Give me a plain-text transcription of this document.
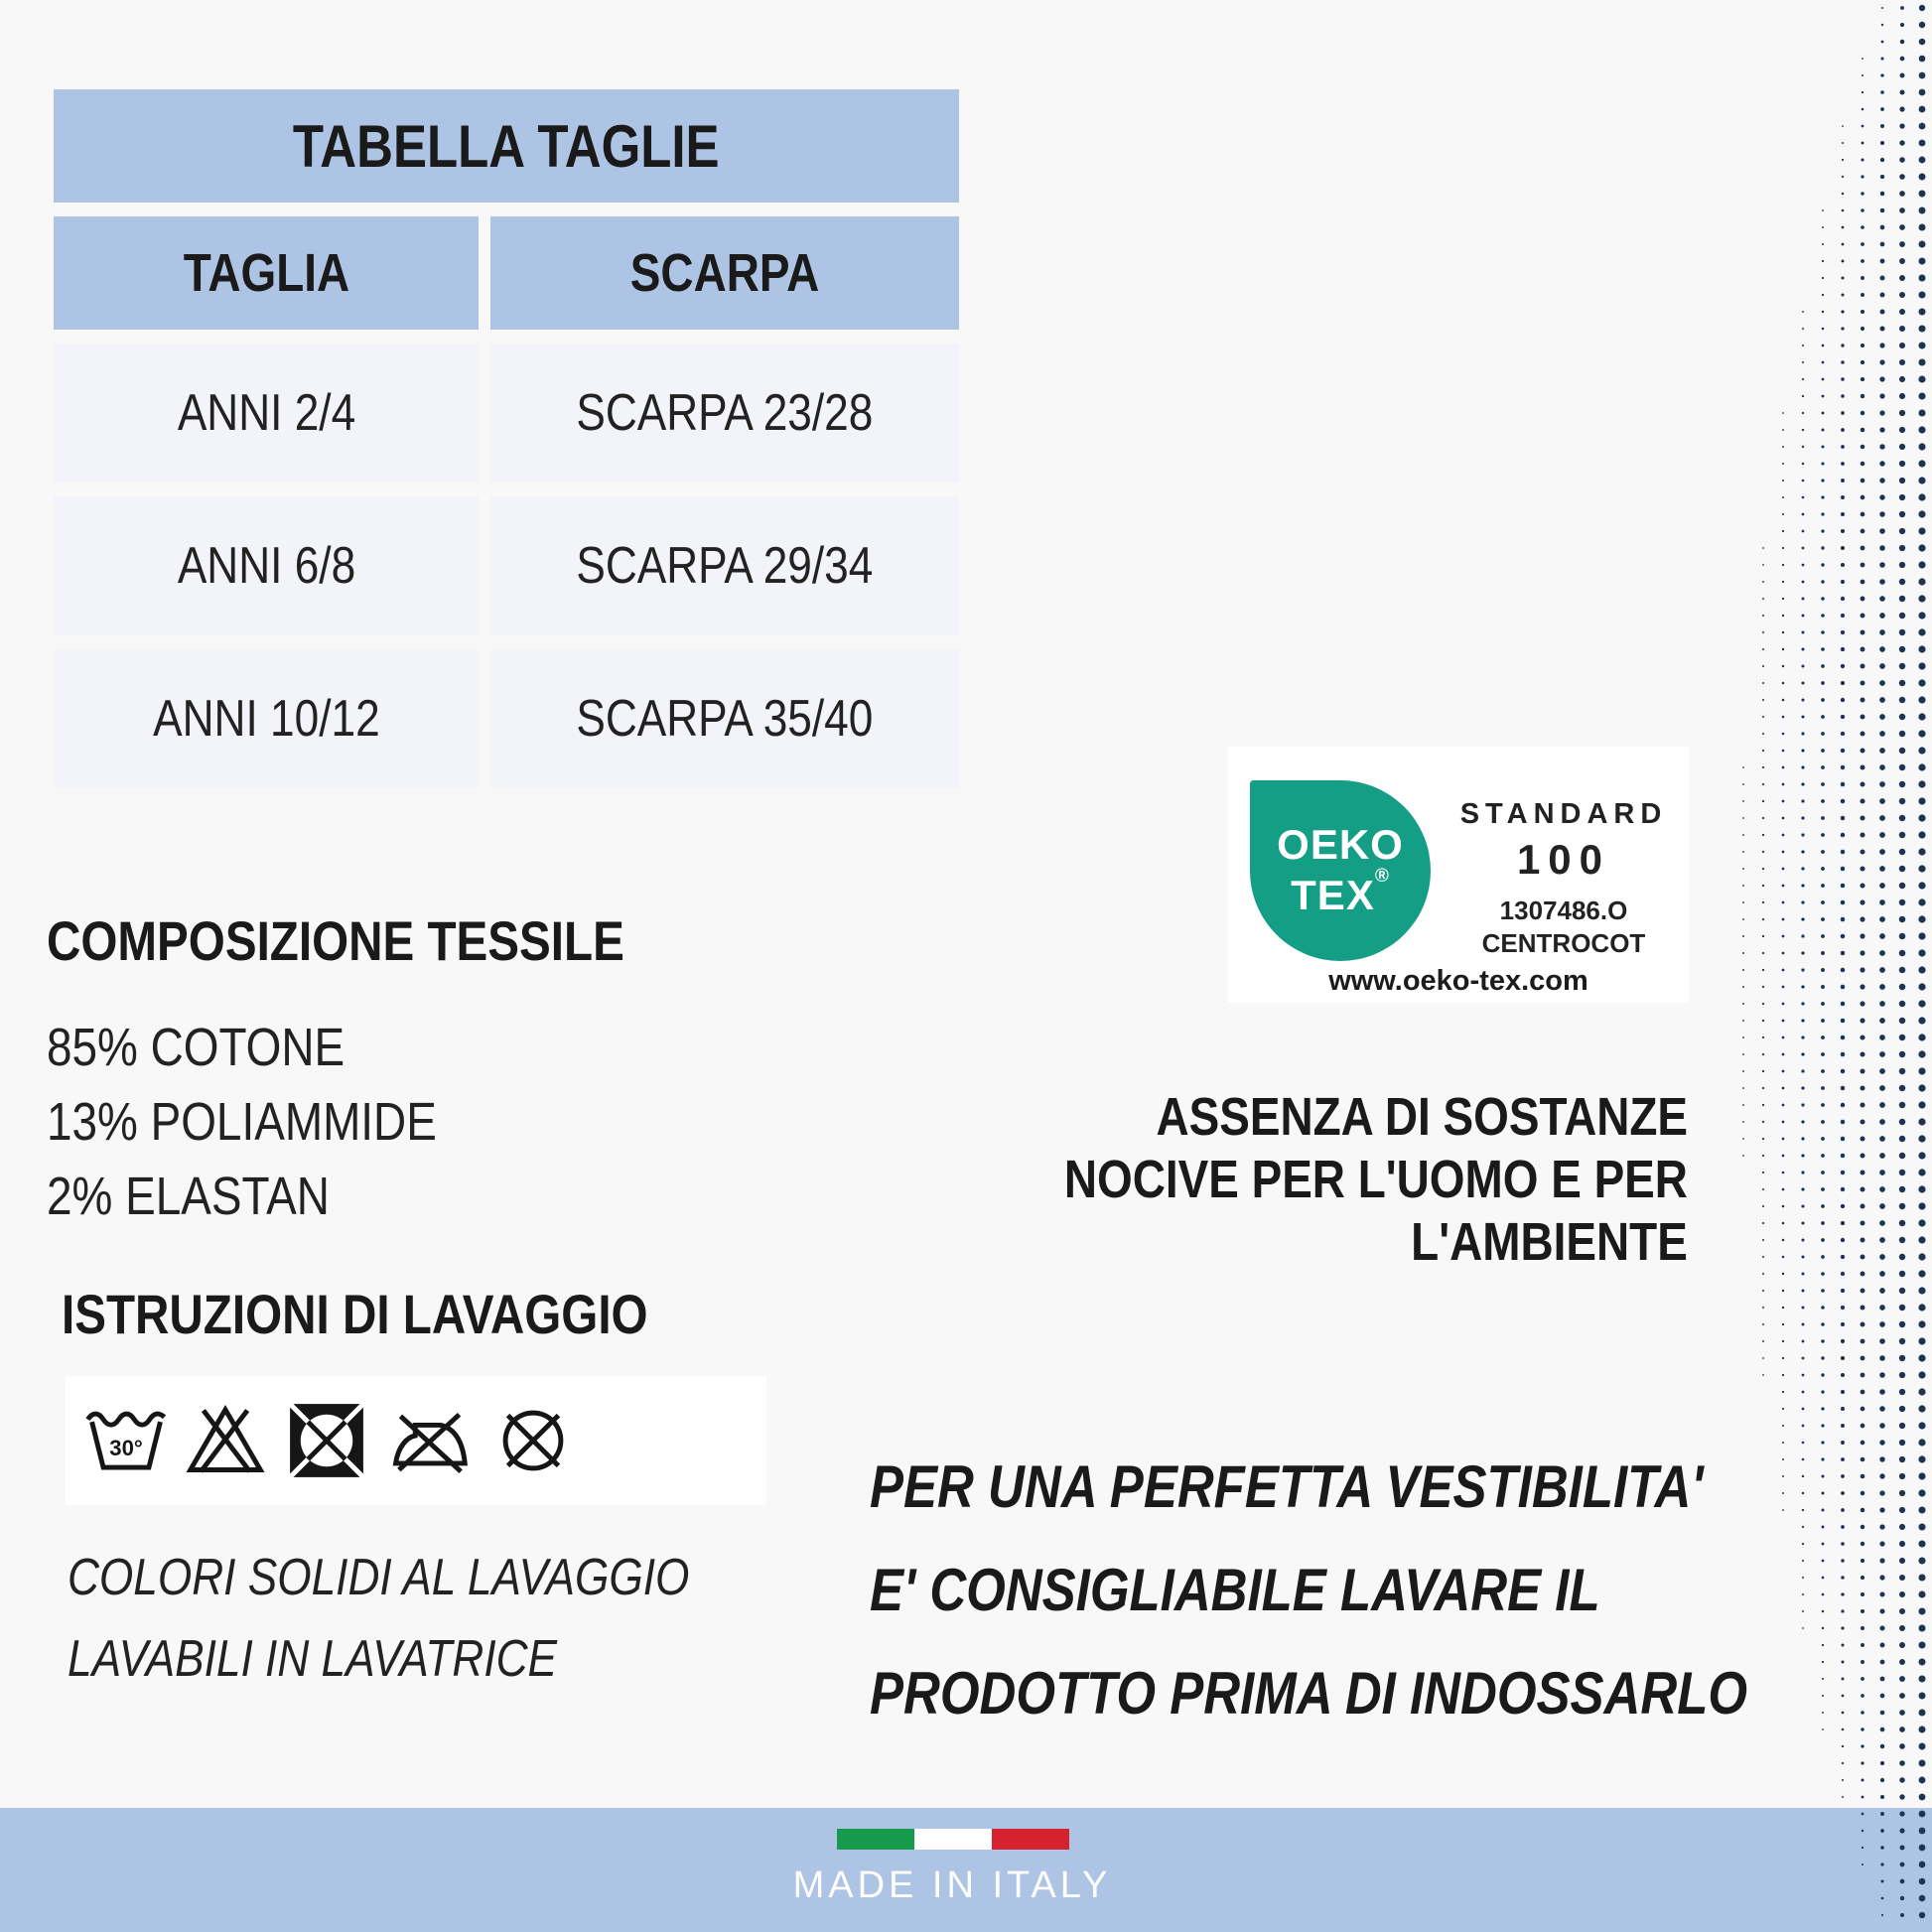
TABELLA TAGLIE
TAGLIA	SCARPA
ANNI 2/4	SCARPA 23/28
ANNI 6/8	SCARPA 29/34
ANNI 10/12	SCARPA 35/40
COMPOSIZIONE TESSILE
85% COTONE
13% POLIAMMIDE
2% ELASTAN
ISTRUZIONI DI LAVAGGIO
30°
COLORI SOLIDI AL LAVAGGIO
LAVABILI IN LAVATRICE
OEKO
TEX®
STANDARD
100
1307486.O
CENTROCOT
www.oeko-tex.com
ASSENZA DI SOSTANZE
NOCIVE PER L'UOMO E PER
L'AMBIENTE
PER UNA PERFETTA VESTIBILITA'
E' CONSIGLIABILE LAVARE IL
PRODOTTO PRIMA DI INDOSSARLO
MADE IN ITALY
